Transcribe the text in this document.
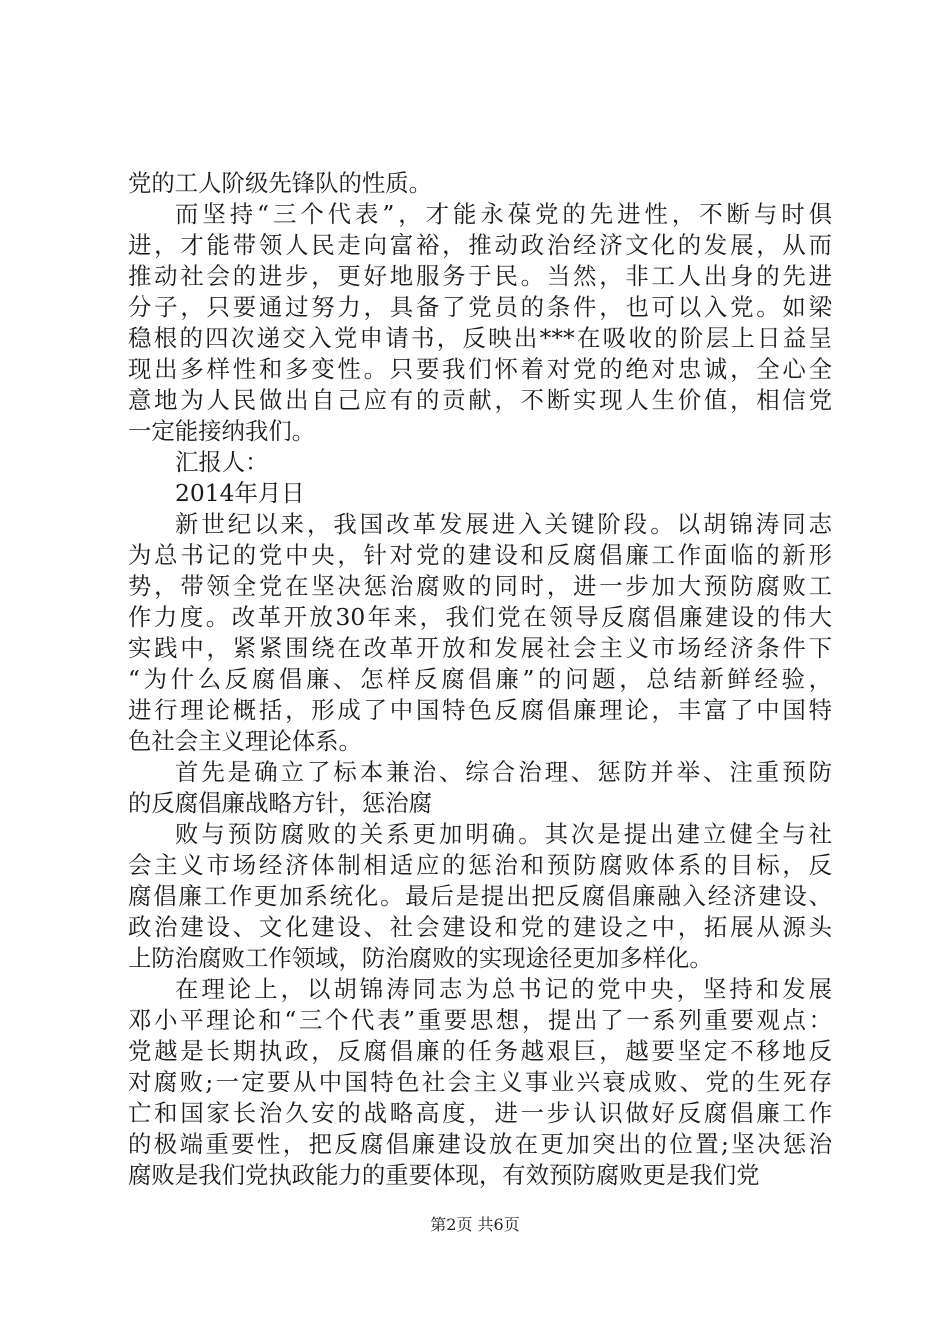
党的工人阶级先锋队的性质。
而坚持“三个代表”，才能永葆党的先进性，不断与时俱
进，才能带领人民走向富裕，推动政治经济文化的发展，从而
推动社会的进步，更好地服务于民。当然，非工人出身的先进
分子，只要通过努力，具备了党员的条件，也可以入党。如梁
稳根的四次递交入党申请书，反映出***在吸收的阶层上日益呈
现出多样性和多变性。只要我们怀着对党的绝对忠诚，全心全
意地为人民做出自己应有的贡献，不断实现人生价值，相信党
一定能接纳我们。
汇报人：
2014年月日
新世纪以来，我国改革发展进入关键阶段。以胡锦涛同志
为总书记的党中央，针对党的建设和反腐倡廉工作面临的新形
势，带领全党在坚决惩治腐败的同时，进一步加大预防腐败工
作力度。改革开放30年来，我们党在领导反腐倡廉建设的伟大
实践中，紧紧围绕在改革开放和发展社会主义市场经济条件下
“为什么反腐倡廉、怎样反腐倡廉”的问题，总结新鲜经验，
进行理论概括，形成了中国特色反腐倡廉理论，丰富了中国特
色社会主义理论体系。
首先是确立了标本兼治、综合治理、惩防并举、注重预防
的反腐倡廉战略方针，惩治腐
败与预防腐败的关系更加明确。其次是提出建立健全与社
会主义市场经济体制相适应的惩治和预防腐败体系的目标，反
腐倡廉工作更加系统化。最后是提出把反腐倡廉融入经济建设、
政治建设、文化建设、社会建设和党的建设之中，拓展从源头
上防治腐败工作领域，防治腐败的实现途径更加多样化。
在理论上，以胡锦涛同志为总书记的党中央，坚持和发展
邓小平理论和“三个代表”重要思想，提出了一系列重要观点：
党越是长期执政，反腐倡廉的任务越艰巨，越要坚定不移地反
对腐败;一定要从中国特色社会主义事业兴衰成败、党的生死存
亡和国家长治久安的战略高度，进一步认识做好反腐倡廉工作
的极端重要性，把反腐倡廉建设放在更加突出的位置;坚决惩治
腐败是我们党执政能力的重要体现，有效预防腐败更是我们党
第2页 共6页
